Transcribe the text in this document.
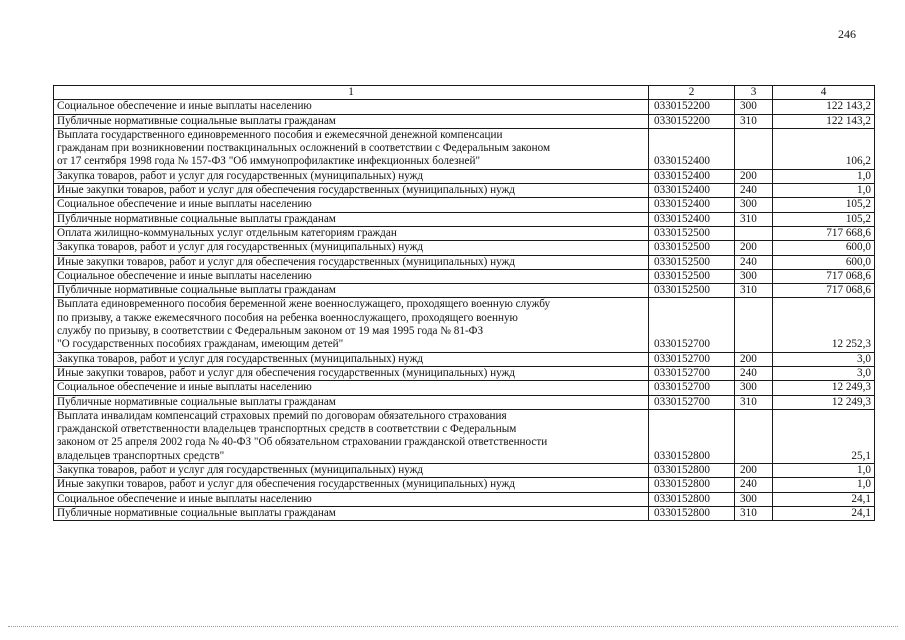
246
1	2	3	4

Социальное обеспечение и иные выплаты населению	0330152200	300	122 143,2

Публичные нормативные социальные выплаты гражданам	0330152200	310	122 143,2

Выплата государственного единовременного пособия и ежемесячной денежной компенсации
гражданам при возникновении поствакцинальных осложнений в соответствии с Федеральным законом
от 17 сентября 1998 года № 157-ФЗ "Об иммунопрофилактике инфекционных болезней"	0330152400		106,2

Закупка товаров, работ и услуг для государственных (муниципальных) нужд	0330152400	200	1,0

Иные закупки товаров, работ и услуг для обеспечения государственных (муниципальных) нужд	0330152400	240	1,0

Социальное обеспечение и иные выплаты населению	0330152400	300	105,2

Публичные нормативные социальные выплаты гражданам	0330152400	310	105,2

Оплата жилищно-коммунальных услуг отдельным категориям граждан	0330152500		717 668,6

Закупка товаров, работ и услуг для государственных (муниципальных) нужд	0330152500	200	600,0

Иные закупки товаров, работ и услуг для обеспечения государственных (муниципальных) нужд	0330152500	240	600,0

Социальное обеспечение и иные выплаты населению	0330152500	300	717 068,6

Публичные нормативные социальные выплаты гражданам	0330152500	310	717 068,6

Выплата единовременного пособия беременной жене военнослужащего, проходящего военную службу
по призыву, а также ежемесячного пособия на ребенка военнослужащего, проходящего военную
службу по призыву, в соответствии с Федеральным законом от 19 мая 1995 года № 81-ФЗ
"О государственных пособиях гражданам, имеющим детей"	0330152700		12 252,3

Закупка товаров, работ и услуг для государственных (муниципальных) нужд	0330152700	200	3,0

Иные закупки товаров, работ и услуг для обеспечения государственных (муниципальных) нужд	0330152700	240	3,0

Социальное обеспечение и иные выплаты населению	0330152700	300	12 249,3

Публичные нормативные социальные выплаты гражданам	0330152700	310	12 249,3

Выплата инвалидам компенсаций страховых премий по договорам обязательного страхования
гражданской ответственности владельцев транспортных средств в соответствии с Федеральным
законом от 25 апреля 2002 года № 40-ФЗ "Об обязательном страховании гражданской ответственности
владельцев транспортных средств"	0330152800		25,1

Закупка товаров, работ и услуг для государственных (муниципальных) нужд	0330152800	200	1,0

Иные закупки товаров, работ и услуг для обеспечения государственных (муниципальных) нужд	0330152800	240	1,0

Социальное обеспечение и иные выплаты населению	0330152800	300	24,1

Публичные нормативные социальные выплаты гражданам	0330152800	310	24,1
